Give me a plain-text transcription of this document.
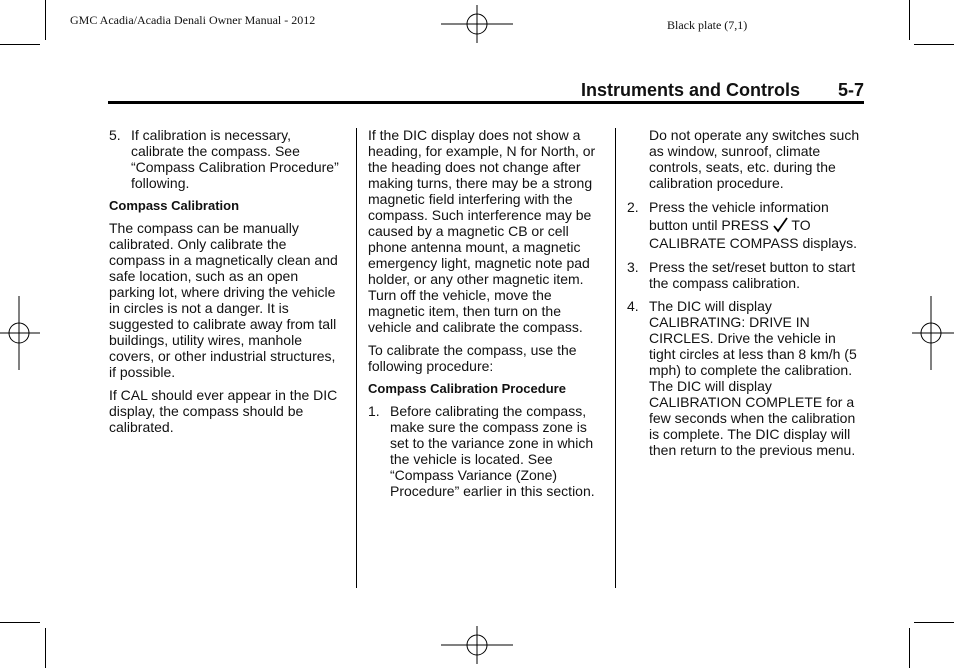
GMC Acadia/Acadia Denali Owner Manual - 2012	Black plate (7,1)
Instruments and Controls 5-7
5. If calibration is necessary, calibrate the compass. See “Compass Calibration Procedure” following.

Compass Calibration

The compass can be manually calibrated. Only calibrate the compass in a magnetically clean and safe location, such as an open parking lot, where driving the vehicle in circles is not a danger. It is suggested to calibrate away from tall buildings, utility wires, manhole covers, or other industrial structures, if possible.

If CAL should ever appear in the DIC display, the compass should be calibrated.

If the DIC display does not show a heading, for example, N for North, or the heading does not change after making turns, there may be a strong magnetic field interfering with the compass. Such interference may be caused by a magnetic CB or cell phone antenna mount, a magnetic emergency light, magnetic note pad holder, or any other magnetic item. Turn off the vehicle, move the magnetic item, then turn on the vehicle and calibrate the compass.

To calibrate the compass, use the following procedure:

Compass Calibration Procedure

1. Before calibrating the compass, make sure the compass zone is set to the variance zone in which the vehicle is located. See “Compass Variance (Zone) Procedure” earlier in this section.

Do not operate any switches such as window, sunroof, climate controls, seats, etc. during the calibration procedure.

2. Press the vehicle information button until PRESS TO CALIBRATE COMPASS displays.
3. Press the set/reset button to start the compass calibration.
4. The DIC will display CALIBRATING: DRIVE IN CIRCLES. Drive the vehicle in tight circles at less than 8 km/h (5 mph) to complete the calibration. The DIC will display CALIBRATION COMPLETE for a few seconds when the calibration is complete. The DIC display will then return to the previous menu.
